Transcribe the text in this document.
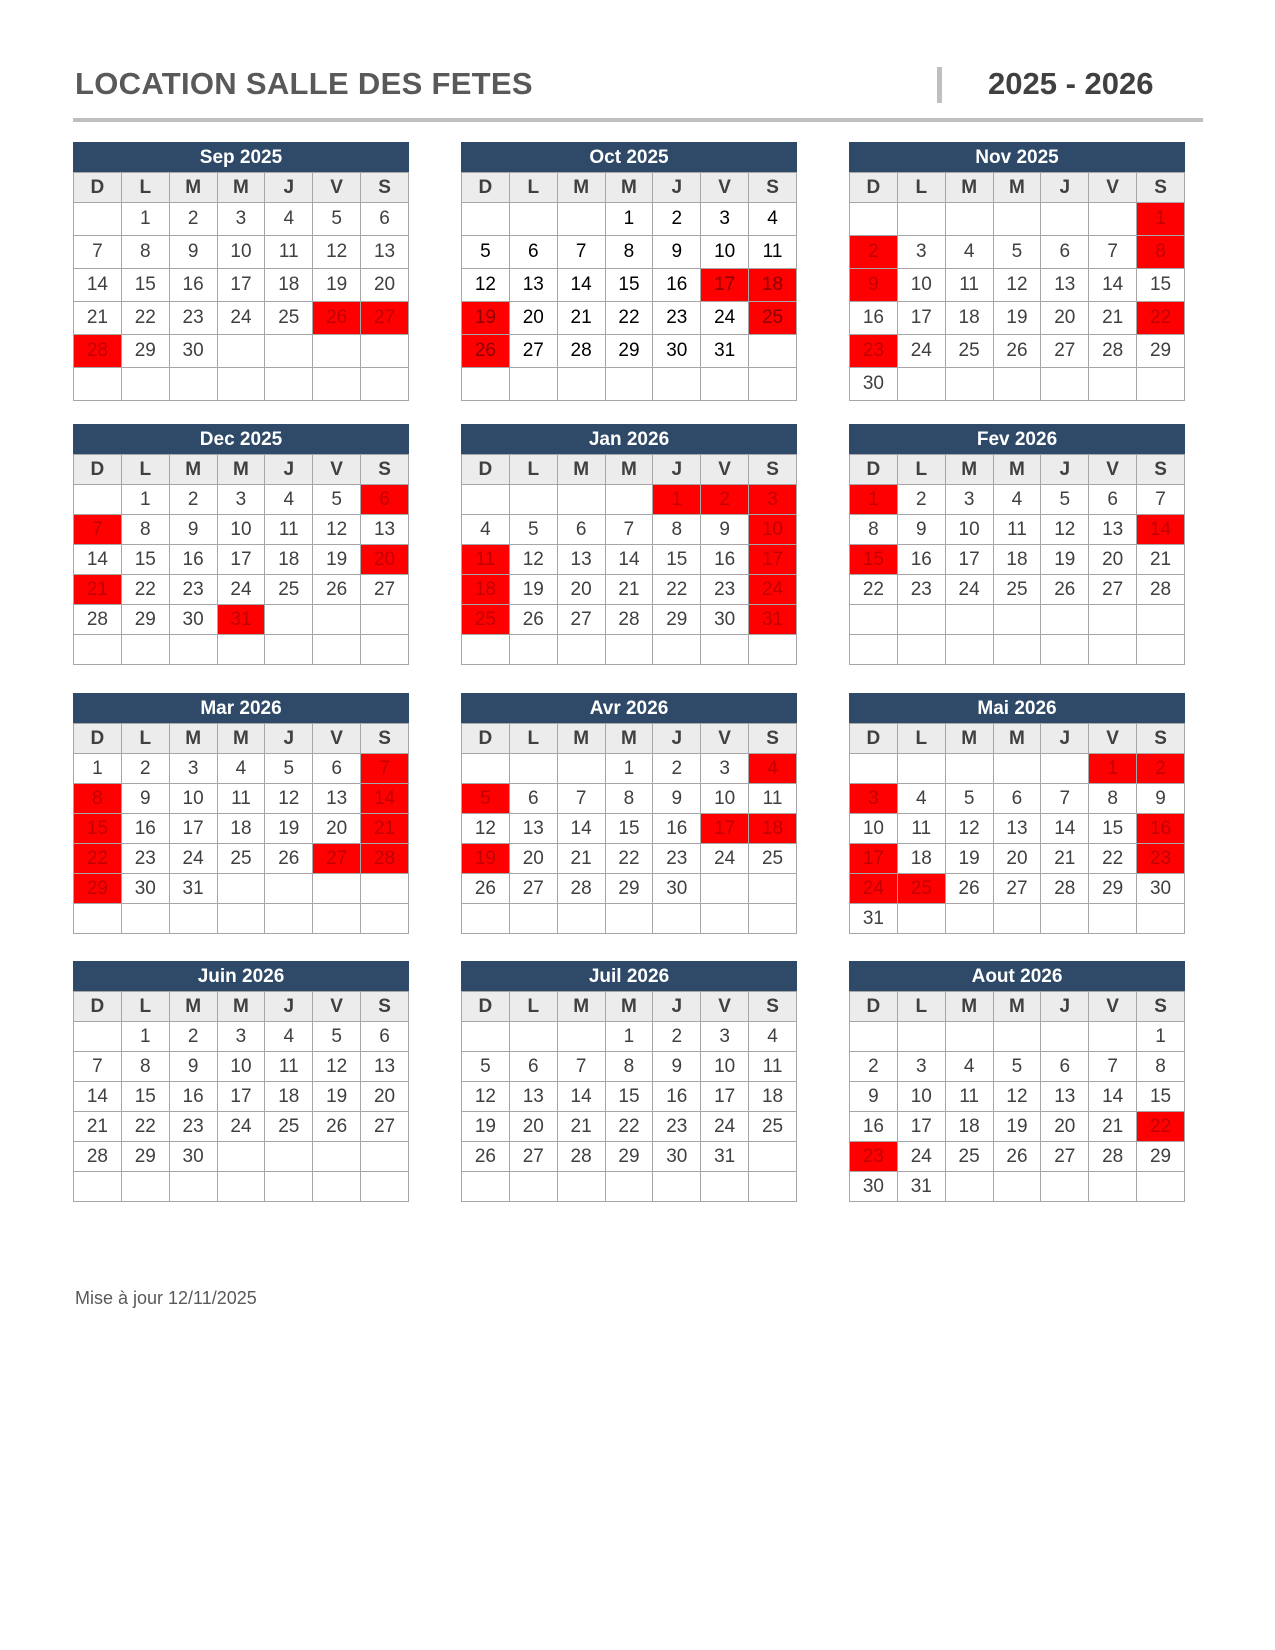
LOCATION SALLE DES FETES	2025 - 2026
Sep 2025
D	L	M	M	J	V	S
	1	2	3	4	5	6
7	8	9	10	11	12	13
14	15	16	17	18	19	20
21	22	23	24	25	26	27
28	29	30				

Oct 2025
D	L	M	M	J	V	S
			1	2	3	4
5	6	7	8	9	10	11
12	13	14	15	16	17	18
19	20	21	22	23	24	25
26	27	28	29	30	31	

Nov 2025
D	L	M	M	J	V	S
						1
2	3	4	5	6	7	8
9	10	11	12	13	14	15
16	17	18	19	20	21	22
23	24	25	26	27	28	29
30						
Dec 2025
D	L	M	M	J	V	S
	1	2	3	4	5	6
7	8	9	10	11	12	13
14	15	16	17	18	19	20
21	22	23	24	25	26	27
28	29	30	31			

Jan 2026
D	L	M	M	J	V	S
				1	2	3
4	5	6	7	8	9	10
11	12	13	14	15	16	17
18	19	20	21	22	23	24
25	26	27	28	29	30	31

Fev 2026
D	L	M	M	J	V	S
1	2	3	4	5	6	7
8	9	10	11	12	13	14
15	16	17	18	19	20	21
22	23	24	25	26	27	28

Mar 2026
D	L	M	M	J	V	S
1	2	3	4	5	6	7
8	9	10	11	12	13	14
15	16	17	18	19	20	21
22	23	24	25	26	27	28
29	30	31				

Avr 2026
D	L	M	M	J	V	S
			1	2	3	4
5	6	7	8	9	10	11
12	13	14	15	16	17	18
19	20	21	22	23	24	25
26	27	28	29	30		

Mai 2026
D	L	M	M	J	V	S
					1	2
3	4	5	6	7	8	9
10	11	12	13	14	15	16
17	18	19	20	21	22	23
24	25	26	27	28	29	30
31						
Juin 2026
D	L	M	M	J	V	S
	1	2	3	4	5	6
7	8	9	10	11	12	13
14	15	16	17	18	19	20
21	22	23	24	25	26	27
28	29	30				

Juil 2026
D	L	M	M	J	V	S
			1	2	3	4
5	6	7	8	9	10	11
12	13	14	15	16	17	18
19	20	21	22	23	24	25
26	27	28	29	30	31	

Aout 2026
D	L	M	M	J	V	S
						1
2	3	4	5	6	7	8
9	10	11	12	13	14	15
16	17	18	19	20	21	22
23	24	25	26	27	28	29
30	31					
Mise à jour 12/11/2025
